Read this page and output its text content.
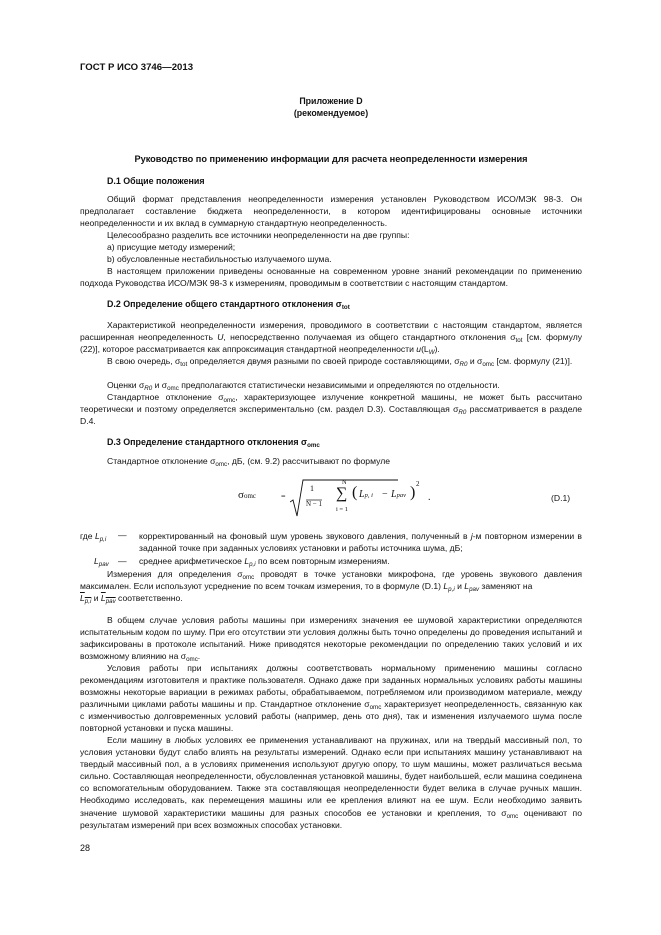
ГОСТ Р ИСО 3746—2013
Приложение D
(рекомендуемое)
Руководство по применению информации для расчета неопределенности измерения
D.1 Общие положения
Общий формат представления неопределенности измерения установлен Руководством ИСО/МЭК 98-3. Он предполагает составление бюджета неопределенности, в котором идентифицированы основные источники неопределенности и их вклад в суммарную стандартную неопределенность.
Целесообразно разделить все источники неопределенности на две группы:
a) присущие методу измерений;
b) обусловленные нестабильностью излучаемого шума.
В настоящем приложении приведены основанные на современном уровне знаний рекомендации по применению подхода Руководства ИСО/МЭК 98-3 к измерениям, проводимым в соответствии с настоящим стандартом.
D.2 Определение общего стандартного отклонения $\sigma_{tot}$
Характеристикой неопределенности измерения, проводимого в соответствии с настоящим стандартом, является расширенная неопределенность U, непосредственно получаемая из общего стандартного отклонения $\sigma_{tot}$ [см. формулу (22)], которое рассматривается как аппроксимация стандартной неопределенности $u(L_W)$.
В свою очередь, $\sigma_{tot}$ определяется двумя разными по своей природе составляющими, $\sigma_{R0}$ и $\sigma_{omc}$ [см. формулу (21)].
Оценки $\sigma_{R0}$ и $\sigma_{omc}$ предполагаются статистически независимыми и определяются по отдельности.
Стандартное отклонение $\sigma_{omc}$, характеризующее излучение конкретной машины, не может быть рассчитано теоретически и поэтому определяется экспериментально (см. раздел D.3). Составляющая $\sigma_{R0}$ рассматривается в разделе D.4.
D.3 Определение стандартного отклонения $\sigma_{omc}$
Стандартное отклонение $\sigma_{omc}$, дБ, (см. 9.2) рассчитывают по формуле
σomc	=
1
N − 1
N
∑
i = 1
( Lp, i − Lpav ) 2
.	(D.1)
где $L_{p,i}$ — корректированный на фоновый шум уровень звукового давления, полученный в j-м повторном измерении в заданной точке при заданных условиях установки и работы источника шума, дБ;
$L_{pav}$ — среднее арифметическое $L_{p,i}$ по всем повторным измерениям.
Измерения для определения $\sigma_{omc}$ проводят в точке установки микрофона, где уровень звукового давления максимален. Если используют усреднение по всем точкам измерения, то в формуле (D.1) $L_{p,i}$ и $L_{pav}$ заменяют на
$\overline{L}_{p,i}$ и $\overline{L}_{\overline{pav}}$ соответственно.
В общем случае условия работы машины при измерениях значения ее шумовой характеристики определяются испытательным кодом по шуму. При его отсутствии эти условия должны быть точно определены до проведения испытаний и зафиксированы в протоколе испытаний. Ниже приводятся некоторые рекомендации по определению таких условий и их возможному влиянию на $\sigma_{omc}$.
Условия работы при испытаниях должны соответствовать нормальному применению машины согласно рекомендациям изготовителя и практике пользователя. Однако даже при заданных нормальных условиях работы машины возможны некоторые вариации в режимах работы, обрабатываемом, потребляемом или производимом материале, между различными циклами работы машины и пр. Стандартное отклонение $\sigma_{omc}$ характеризует неопределенность, связанную как с изменчивостью долговременных условий работы (например, день ото дня), так и изменения излучаемого шума после повторной установки и пуска машины.
Если машину в любых условиях ее применения устанавливают на пружинах, или на твердый массивный пол, то условия установки будут слабо влиять на результаты измерений. Однако если при испытаниях машину устанавливают на твердый массивный пол, а в условиях применения используют другую опору, то шум машины, может различаться весьма сильно. Составляющая неопределенности, обусловленная установкой машины, будет наибольшей, если машина соединена со вспомогательным оборудованием. Также эта составляющая неопределенности будет велика в случае ручных машин. Необходимо исследовать, как перемещения машины или ее крепления влияют на ее шум. Если необходимо заявить значение шумовой характеристики машины для разных способов ее установки и крепления, то $\sigma_{omc}$ оценивают по результатам измерений при всех возможных способах установки.
28
